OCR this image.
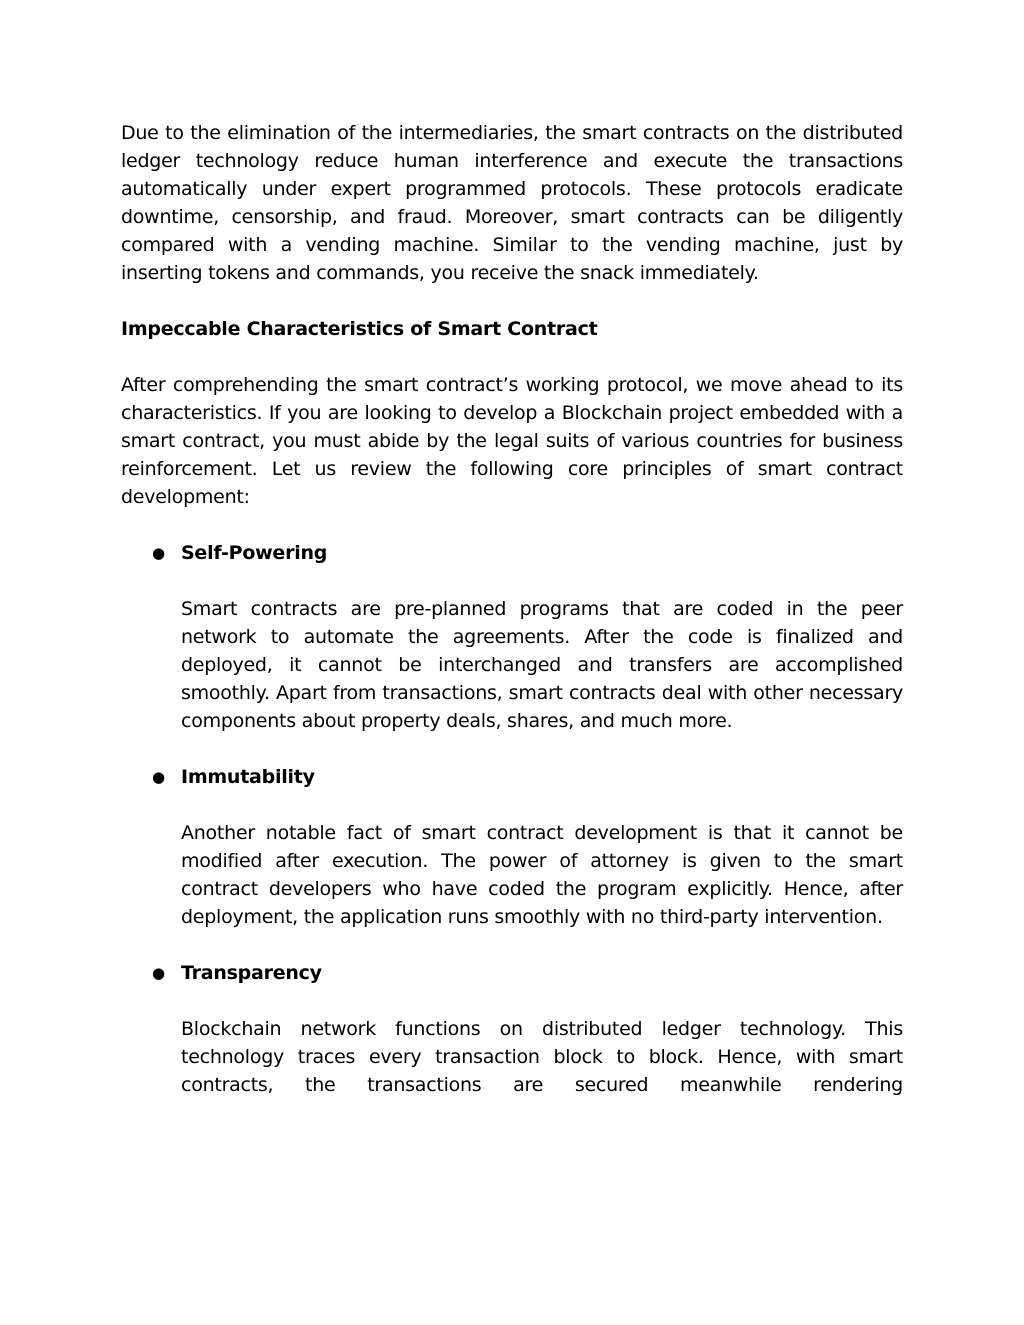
Due to the elimination of the intermediaries, the smart contracts on the distributed ledger technology reduce human interference and execute the transactions automatically under expert programmed protocols. These protocols eradicate downtime, censorship, and fraud. Moreover, smart contracts can be diligently compared with a vending machine. Similar to the vending machine, just by inserting tokens and commands, you receive the snack immediately.

Impeccable Characteristics of Smart Contract

After comprehending the smart contract’s working protocol, we move ahead to its characteristics. If you are looking to develop a Blockchain project embedded with a smart contract, you must abide by the legal suits of various countries for business reinforcement. Let us review the following core principles of smart contract development:

● Self-Powering

Smart contracts are pre-planned programs that are coded in the peer network to automate the agreements. After the code is finalized and deployed, it cannot be interchanged and transfers are accomplished smoothly. Apart from transactions, smart contracts deal with other necessary components about property deals, shares, and much more.

● Immutability

Another notable fact of smart contract development is that it cannot be modified after execution. The power of attorney is given to the smart contract developers who have coded the program explicitly. Hence, after deployment, the application runs smoothly with no third-party intervention.

● Transparency

Blockchain network functions on distributed ledger technology. This technology traces every transaction block to block. Hence, with smart contracts, the transactions are secured meanwhile rendering
